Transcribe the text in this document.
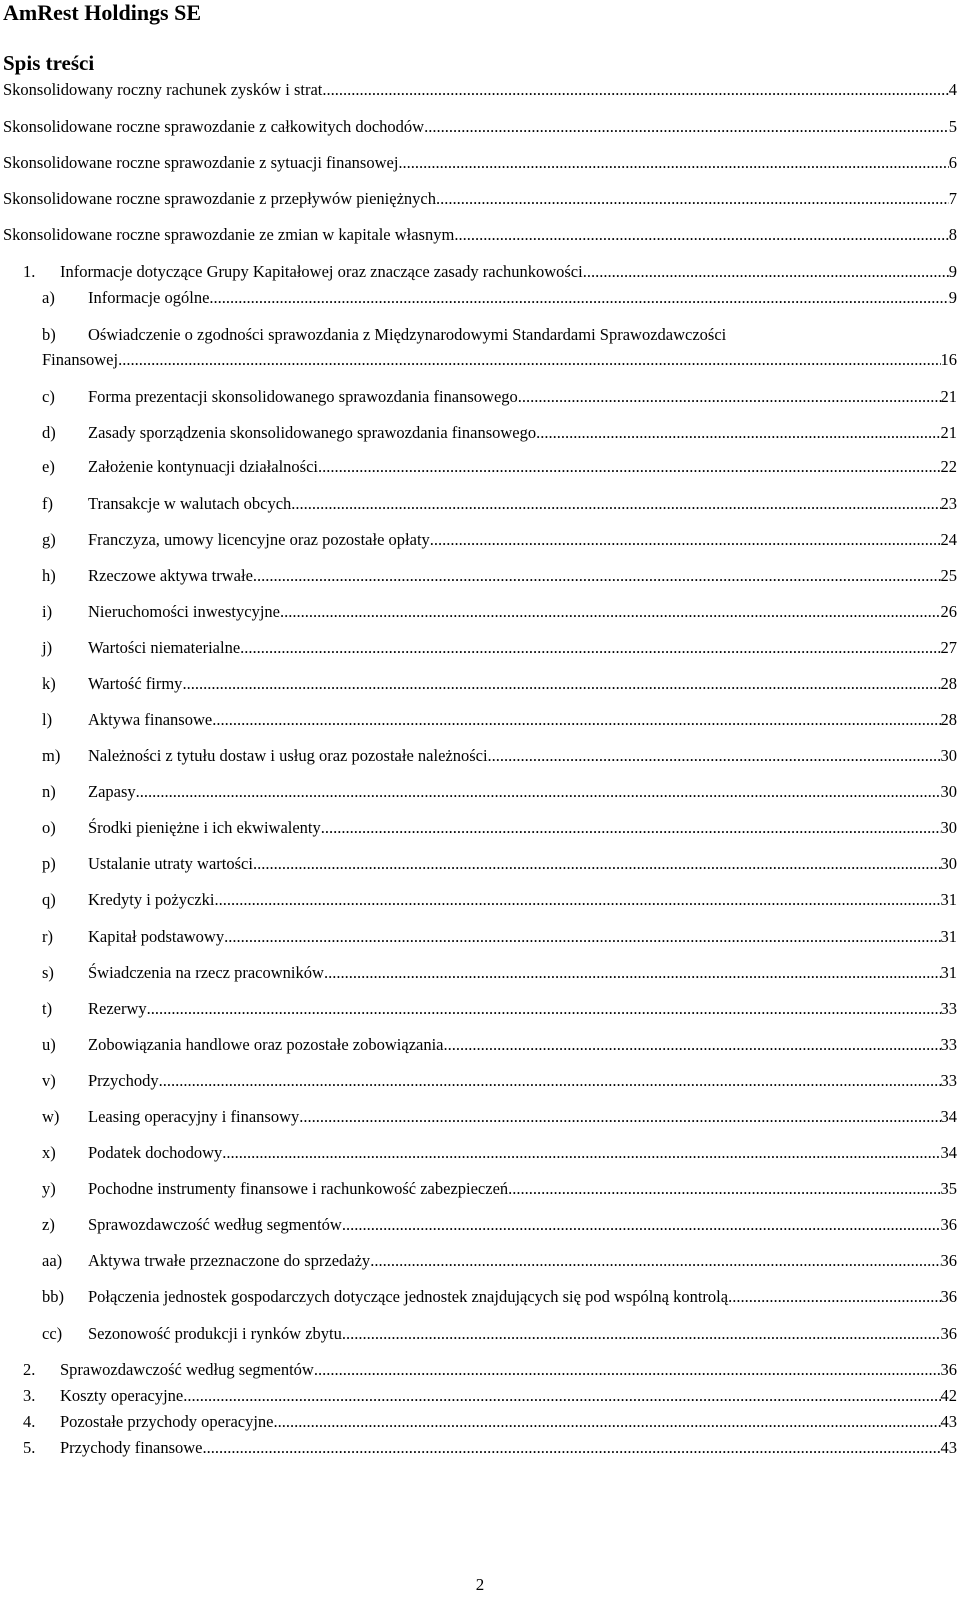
AmRest Holdings SE
Spis treści
Skonsolidowany roczny rachunek zysków i strat .....	4
Skonsolidowane roczne sprawozdanie z całkowitych dochodów .....	5
Skonsolidowane roczne sprawozdanie z sytuacji finansowej .....	6
Skonsolidowane roczne sprawozdanie z przepływów pieniężnych .....	7
Skonsolidowane roczne sprawozdanie ze zmian w kapitale własnym .....	8
1. Informacje dotyczące Grupy Kapitałowej oraz znaczące zasady rachunkowości .....	9
a) Informacje ogólne .....	9
b) Oświadczenie o zgodności sprawozdania z Międzynarodowymi Standardami Sprawozdawczości
Finansowej .....	16
c) Forma prezentacji skonsolidowanego sprawozdania finansowego .....	21
d) Zasady sporządzenia skonsolidowanego sprawozdania finansowego .....	21
e) Założenie kontynuacji działalności .....	22
f) Transakcje w walutach obcych .....	23
g) Franczyza, umowy licencyjne oraz pozostałe opłaty .....	24
h) Rzeczowe aktywa trwałe .....	25
i) Nieruchomości inwestycyjne .....	26
j) Wartości niematerialne .....	27
k) Wartość firmy .....	28
l) Aktywa finansowe .....	28
m) Należności z tytułu dostaw i usług oraz pozostałe należności .....	30
n) Zapasy .....	30
o) Środki pieniężne i ich ekwiwalenty .....	30
p) Ustalanie utraty wartości .....	30
q) Kredyty i pożyczki .....	31
r) Kapitał podstawowy .....	31
s) Świadczenia na rzecz pracowników .....	31
t) Rezerwy .....	33
u) Zobowiązania handlowe oraz pozostałe zobowiązania .....	33
v) Przychody .....	33
w) Leasing operacyjny i finansowy .....	34
x) Podatek dochodowy .....	34
y) Pochodne instrumenty finansowe i rachunkowość zabezpieczeń .....	35
z) Sprawozdawczość według segmentów .....	36
aa) Aktywa trwałe przeznaczone do sprzedaży .....	36
bb) Połączenia jednostek gospodarczych dotyczące jednostek znajdujących się pod wspólną kontrolą .....	36
cc) Sezonowość produkcji i rynków zbytu .....	36
2. Sprawozdawczość według segmentów .....	36
3. Koszty operacyjne .....	42
4. Pozostałe przychody operacyjne .....	43
5. Przychody finansowe .....	43
2
